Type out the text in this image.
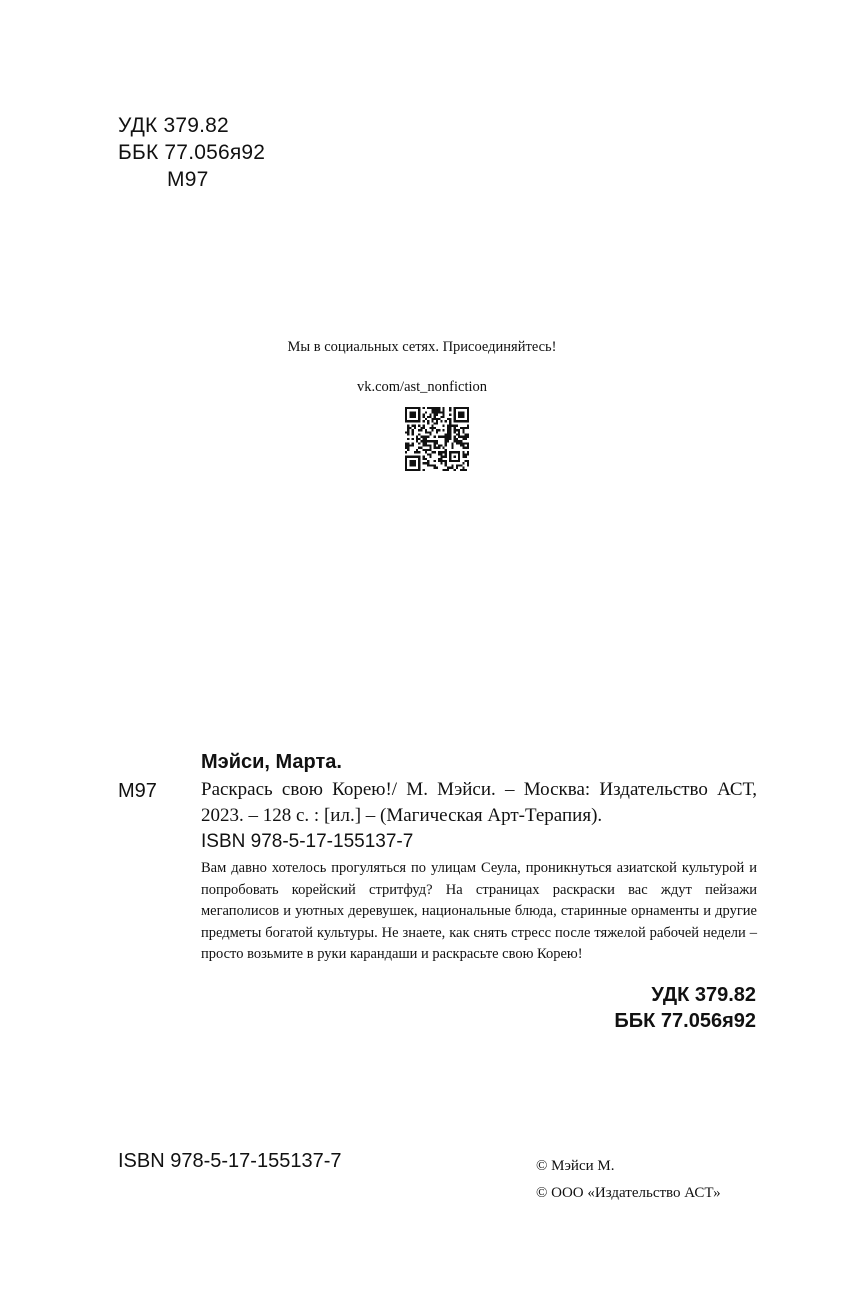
УДК 379.82
ББК 77.056я92
М97
Мы в социальных сетях. Присоединяйтесь!
vk.com/ast_nonfiction
Мэйси, Марта.
М97 Раскрась свою Корею!/ М. Мэйси. – Москва: Издательство АСТ, 2023. – 128 с. : [ил.] – (Магическая Арт-Терапия).
ISBN 978-5-17-155137-7
Вам давно хотелось прогуляться по улицам Сеула, проникнуться азиатской культурой и попробовать корейский стритфуд? На страницах раскраски вас ждут пейзажи мегаполисов и уютных деревушек, национальные блюда, старинные орнаменты и другие предметы богатой культуры. Не знаете, как снять стресс после тяжелой рабочей недели – просто возьмите в руки карандаши и раскрасьте свою Корею!
УДК 379.82
ББК 77.056я92
ISBN 978-5-17-155137-7	© Мэйси М.
© ООО «Издательство АСТ»
